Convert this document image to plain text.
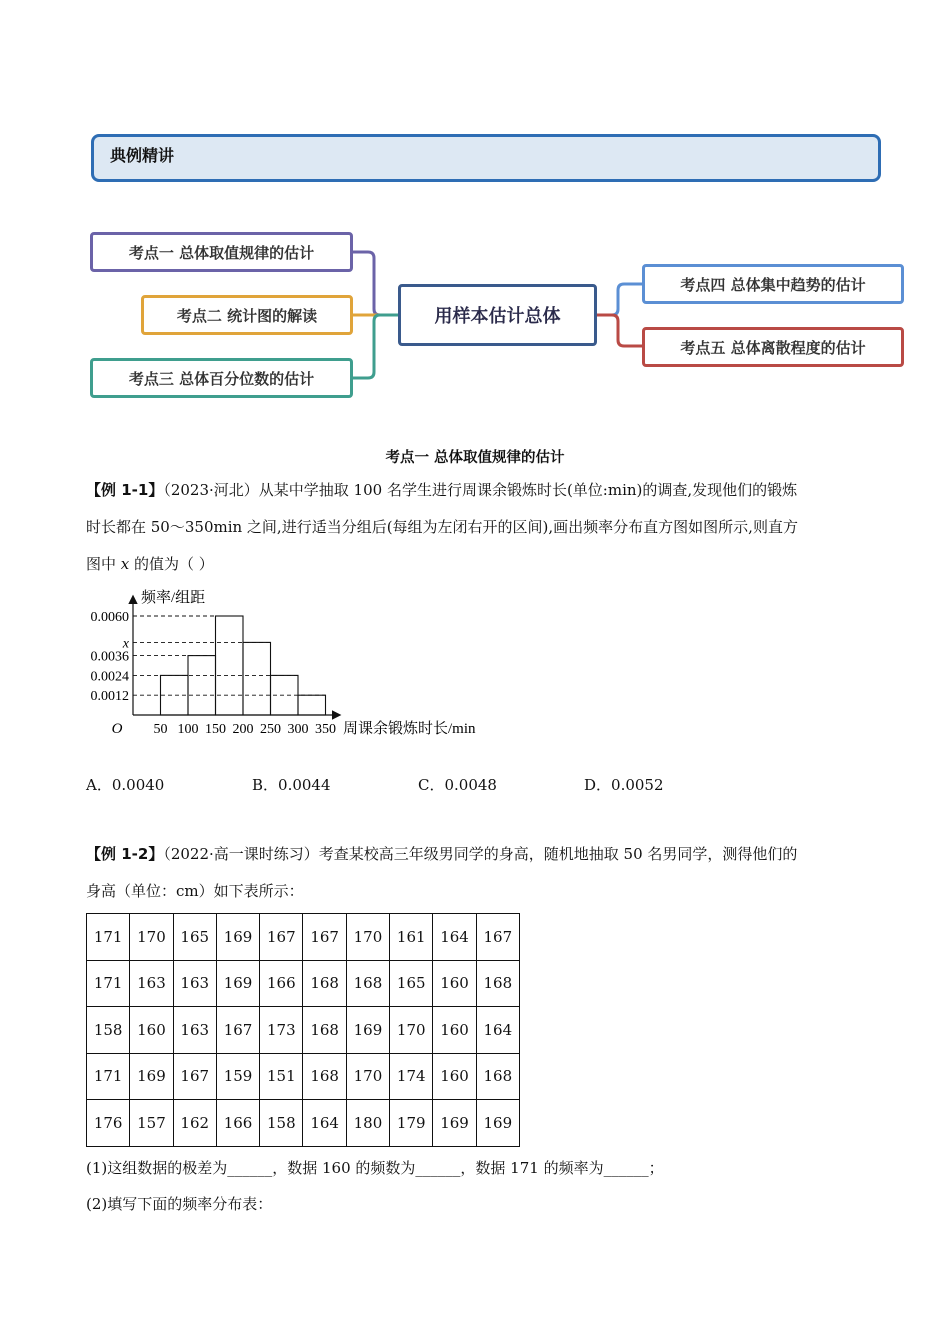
典例精讲
考点一 总体取值规律的估计
考点二 统计图的解读
考点三 总体百分位数的估计
用样本估计总体
考点四 总体集中趋势的估计
考点五 总体离散程度的估计
考点一 总体取值规律的估计
【例 1-1】（2023·河北）从某中学抽取 100 名学生进行周课余锻炼时长(单位:min)的调查,发现他们的锻炼
时长都在 50～350min 之间,进行适当分组后(每组为左闭右开的区间),画出频率分布直方图如图所示,则直方
图中 x 的值为（ ）
0.0060
x
0.0036
0.0024
0.0012
50 100 150 200 250 300 350
O
频率/组距
周课余锻炼时长/min
A．0.0040	B．0.0044	C．0.0048	D．0.0052
【例 1-2】（2022·高一课时练习）考查某校高三年级男同学的身高，随机地抽取 50 名男同学，测得他们的
身高（单位：cm）如下表所示：
171	170	165	169	167	167	170	161	164	167
171	163	163	169	166	168	168	165	160	168
158	160	163	167	173	168	169	170	160	164
171	169	167	159	151	168	170	174	160	168
176	157	162	166	158	164	180	179	169	169
(1)这组数据的极差为______，数据 160 的频数为______，数据 171 的频率为______；
(2)填写下面的频率分布表：
